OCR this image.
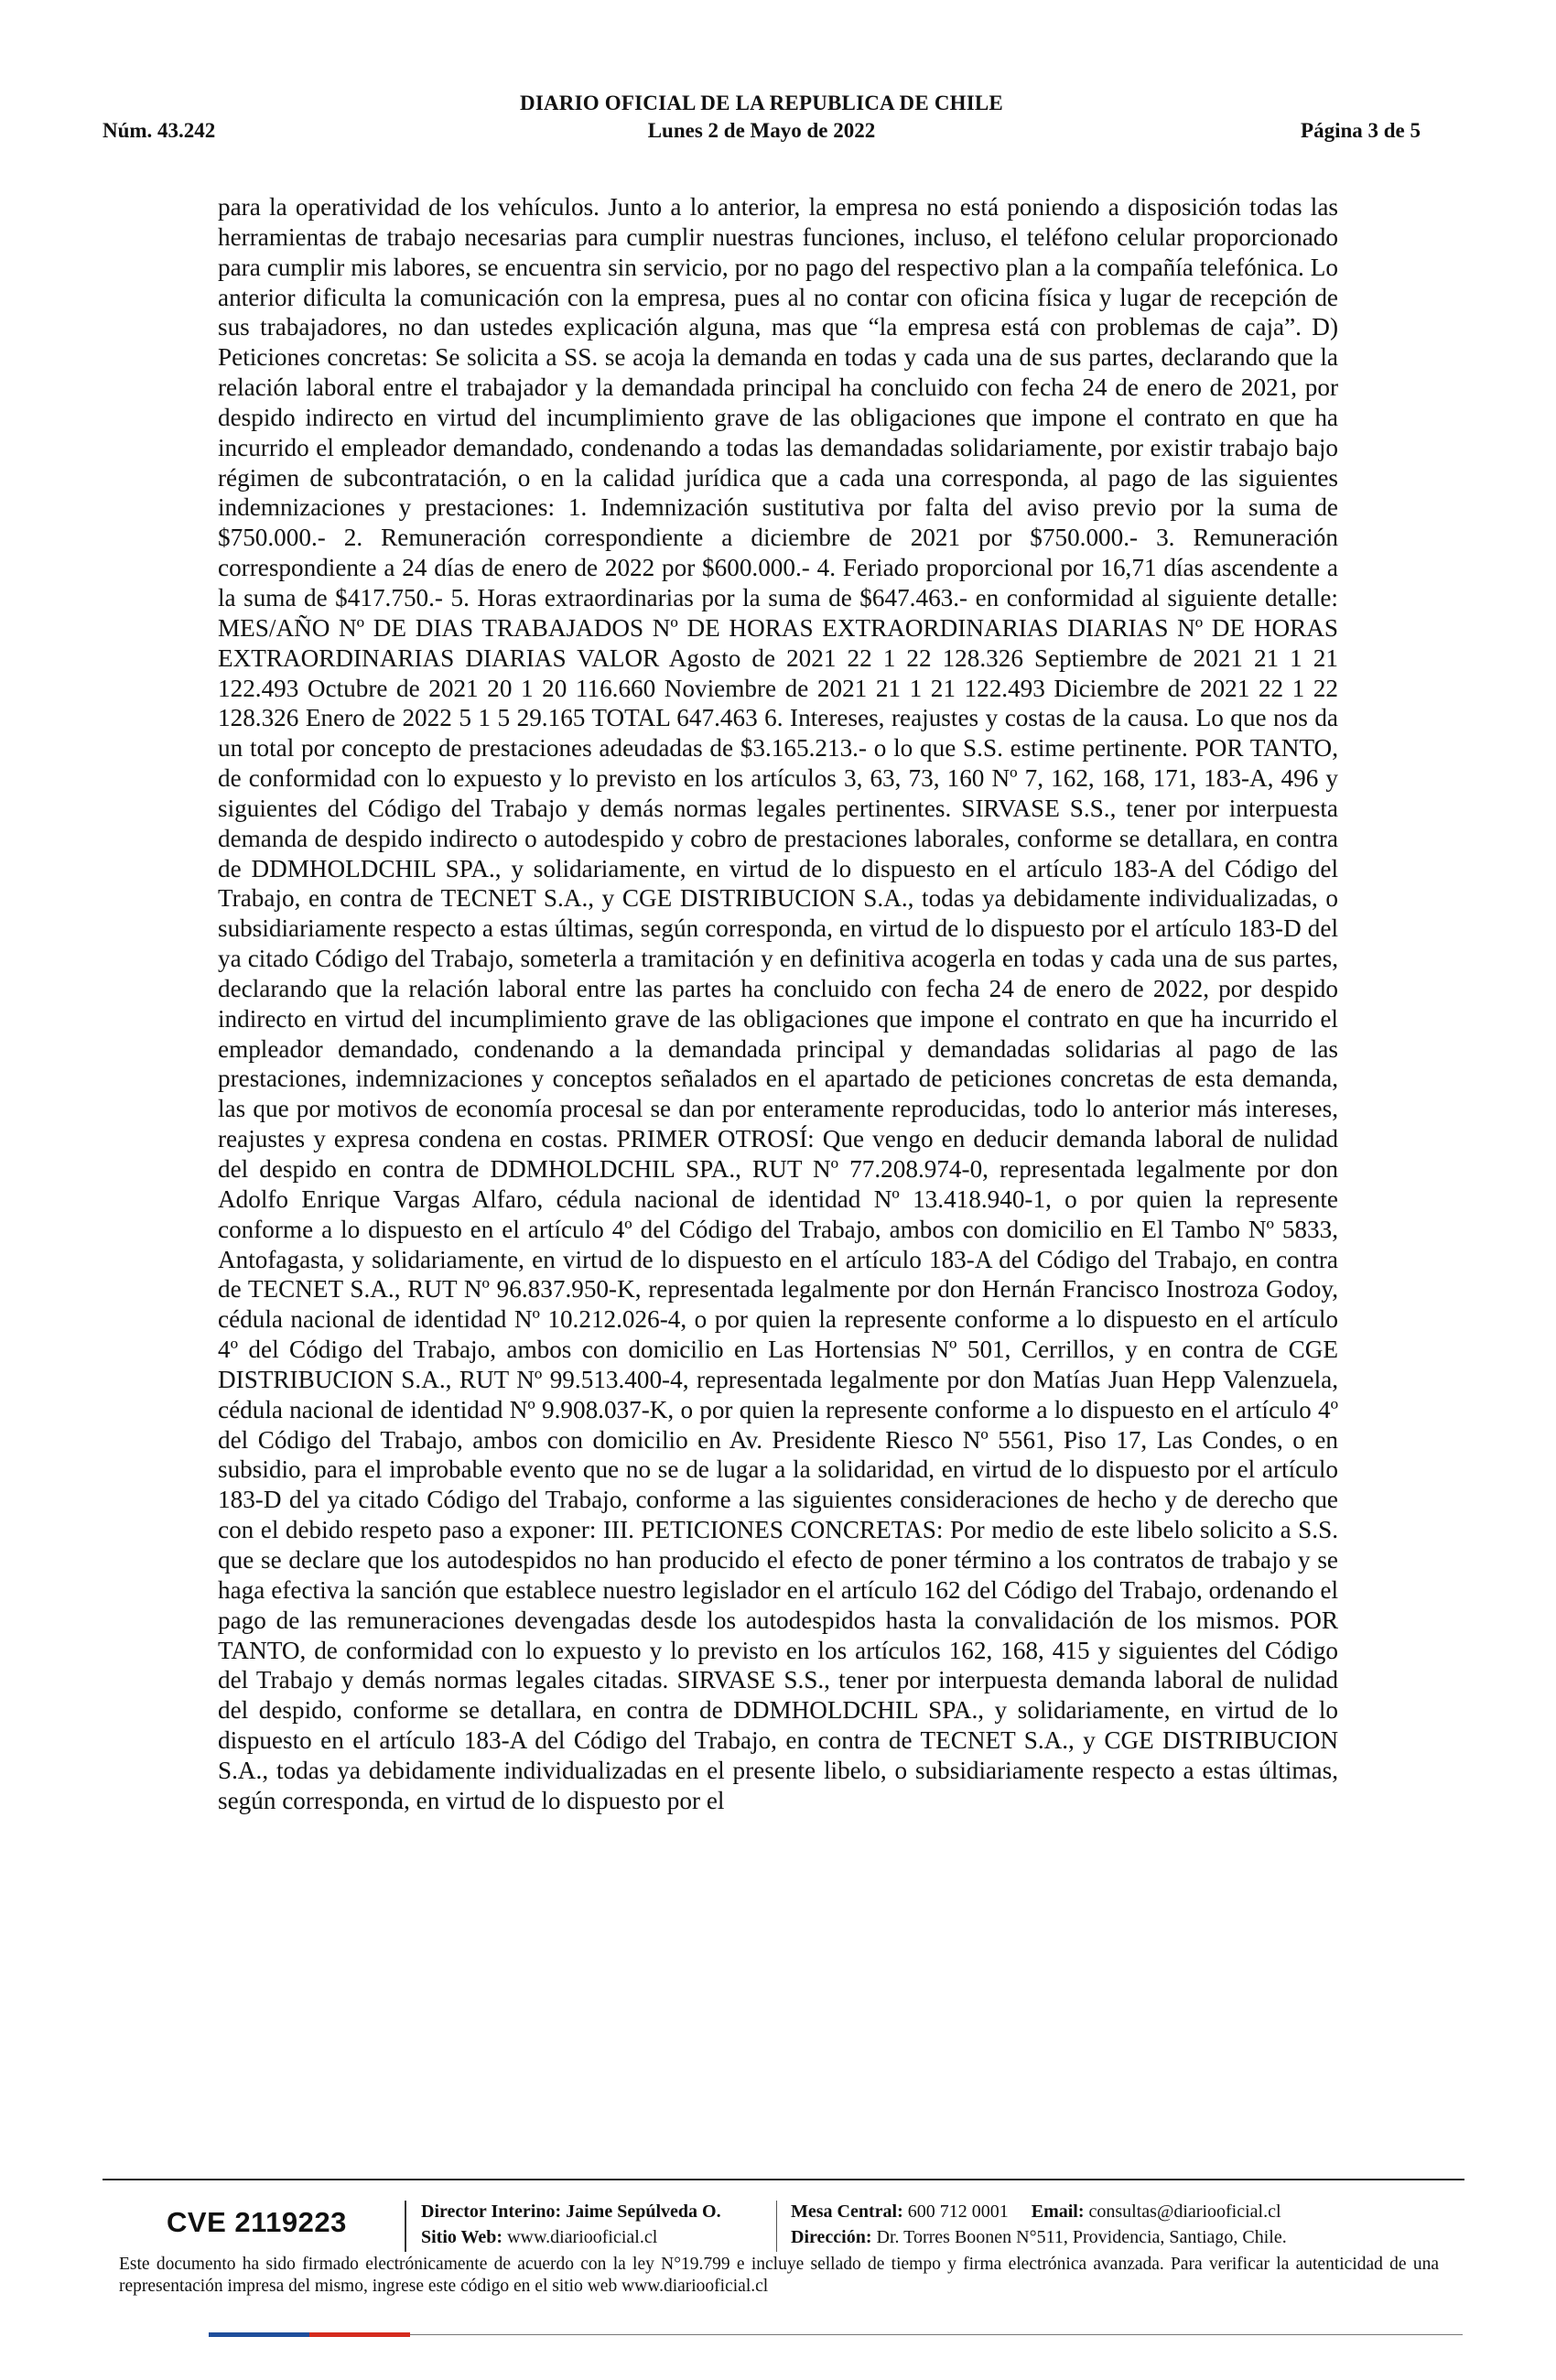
DIARIO OFICIAL DE LA REPUBLICA DE CHILE
Núm. 43.242	Lunes 2 de Mayo de 2022	Página 3 de 5

para la operatividad de los vehículos. Junto a lo anterior, la empresa no está poniendo a disposición todas las herramientas de trabajo necesarias para cumplir nuestras funciones, incluso, el teléfono celular proporcionado para cumplir mis labores, se encuentra sin servicio, por no pago del respectivo plan a la compañía telefónica. Lo anterior dificulta la comunicación con la empresa, pues al no contar con oficina física y lugar de recepción de sus trabajadores, no dan ustedes explicación alguna, mas que “la empresa está con problemas de caja”. D) Peticiones concretas: Se solicita a SS. se acoja la demanda en todas y cada una de sus partes, declarando que la relación laboral entre el trabajador y la demandada principal ha concluido con fecha 24 de enero de 2021, por despido indirecto en virtud del incumplimiento grave de las obligaciones que impone el contrato en que ha incurrido el empleador demandado, condenando a todas las demandadas solidariamente, por existir trabajo bajo régimen de subcontratación, o en la calidad jurídica que a cada una corresponda, al pago de las siguientes indemnizaciones y prestaciones: 1. Indemnización sustitutiva por falta del aviso previo por la suma de $750.000.- 2. Remuneración correspondiente a diciembre de 2021 por $750.000.- 3. Remuneración correspondiente a 24 días de enero de 2022 por $600.000.- 4. Feriado proporcional por 16,71 días ascendente a la suma de $417.750.- 5. Horas extraordinarias por la suma de $647.463.- en conformidad al siguiente detalle: MES/AÑO Nº DE DIAS TRABAJADOS Nº DE HORAS EXTRAORDINARIAS DIARIAS Nº DE HORAS EXTRAORDINARIAS DIARIAS VALOR Agosto de 2021 22 1 22 128.326 Septiembre de 2021 21 1 21 122.493 Octubre de 2021 20 1 20 116.660 Noviembre de 2021 21 1 21 122.493 Diciembre de 2021 22 1 22 128.326 Enero de 2022 5 1 5 29.165 TOTAL 647.463 6. Intereses, reajustes y costas de la causa. Lo que nos da un total por concepto de prestaciones adeudadas de $3.165.213.- o lo que S.S. estime pertinente. POR TANTO, de conformidad con lo expuesto y lo previsto en los artículos 3, 63, 73, 160 Nº 7, 162, 168, 171, 183-A, 496 y siguientes del Código del Trabajo y demás normas legales pertinentes. SIRVASE S.S., tener por interpuesta demanda de despido indirecto o autodespido y cobro de prestaciones laborales, conforme se detallara, en contra de DDMHOLDCHIL SPA., y solidariamente, en virtud de lo dispuesto en el artículo 183-A del Código del Trabajo, en contra de TECNET S.A., y CGE DISTRIBUCION S.A., todas ya debidamente individualizadas, o subsidiariamente respecto a estas últimas, según corresponda, en virtud de lo dispuesto por el artículo 183-D del ya citado Código del Trabajo, someterla a tramitación y en definitiva acogerla en todas y cada una de sus partes, declarando que la relación laboral entre las partes ha concluido con fecha 24 de enero de 2022, por despido indirecto en virtud del incumplimiento grave de las obligaciones que impone el contrato en que ha incurrido el empleador demandado, condenando a la demandada principal y demandadas solidarias al pago de las prestaciones, indemnizaciones y conceptos señalados en el apartado de peticiones concretas de esta demanda, las que por motivos de economía procesal se dan por enteramente reproducidas, todo lo anterior más intereses, reajustes y expresa condena en costas. PRIMER OTROSÍ: Que vengo en deducir demanda laboral de nulidad del despido en contra de DDMHOLDCHIL SPA., RUT Nº 77.208.974-0, representada legalmente por don Adolfo Enrique Vargas Alfaro, cédula nacional de identidad Nº 13.418.940-1, o por quien la represente conforme a lo dispuesto en el artículo 4º del Código del Trabajo, ambos con domicilio en El Tambo Nº 5833, Antofagasta, y solidariamente, en virtud de lo dispuesto en el artículo 183-A del Código del Trabajo, en contra de TECNET S.A., RUT Nº 96.837.950-K, representada legalmente por don Hernán Francisco Inostroza Godoy, cédula nacional de identidad Nº 10.212.026-4, o por quien la represente conforme a lo dispuesto en el artículo 4º del Código del Trabajo, ambos con domicilio en Las Hortensias Nº 501, Cerrillos, y en contra de CGE DISTRIBUCION S.A., RUT Nº 99.513.400-4, representada legalmente por don Matías Juan Hepp Valenzuela, cédula nacional de identidad Nº 9.908.037-K, o por quien la represente conforme a lo dispuesto en el artículo 4º del Código del Trabajo, ambos con domicilio en Av. Presidente Riesco Nº 5561, Piso 17, Las Condes, o en subsidio, para el improbable evento que no se de lugar a la solidaridad, en virtud de lo dispuesto por el artículo 183-D del ya citado Código del Trabajo, conforme a las siguientes consideraciones de hecho y de derecho que con el debido respeto paso a exponer: III. PETICIONES CONCRETAS: Por medio de este libelo solicito a S.S. que se declare que los autodespidos no han producido el efecto de poner término a los contratos de trabajo y se haga efectiva la sanción que establece nuestro legislador en el artículo 162 del Código del Trabajo, ordenando el pago de las remuneraciones devengadas desde los autodespidos hasta la convalidación de los mismos. POR TANTO, de conformidad con lo expuesto y lo previsto en los artículos 162, 168, 415 y siguientes del Código del Trabajo y demás normas legales citadas. SIRVASE S.S., tener por interpuesta demanda laboral de nulidad del despido, conforme se detallara, en contra de DDMHOLDCHIL SPA., y solidariamente, en virtud de lo dispuesto en el artículo 183-A del Código del Trabajo, en contra de TECNET S.A., y CGE DISTRIBUCION S.A., todas ya debidamente individualizadas en el presente libelo, o subsidiariamente respecto a estas últimas, según corresponda, en virtud de lo dispuesto por el

CVE 2119223	Director Interino: Jaime Sepúlveda O.
Sitio Web: www.diariooficial.cl
Mesa Central: 600 712 0001 Email: consultas@diariooficial.cl
Dirección: Dr. Torres Boonen N°511, Providencia, Santiago, Chile.
Este documento ha sido firmado electrónicamente de acuerdo con la ley N°19.799 e incluye sellado de tiempo y firma electrónica avanzada. Para verificar la autenticidad de una representación impresa del mismo, ingrese este código en el sitio web www.diariooficial.cl
